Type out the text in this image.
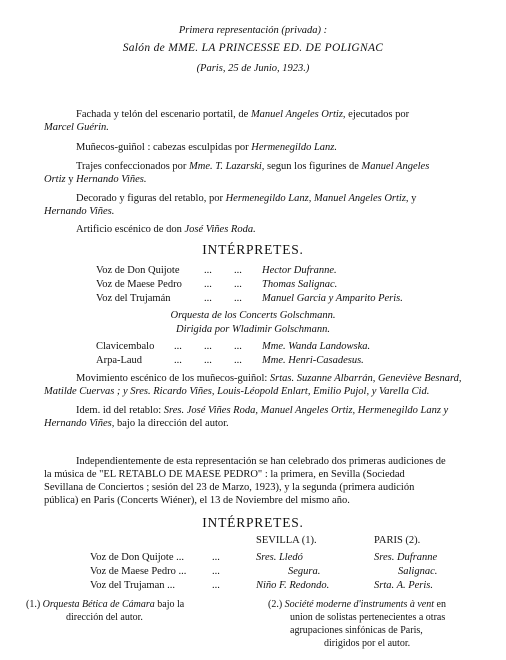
Primera representación (privada) :
Salón de MME. LA PRINCESSE ED. DE POLIGNAC
(Paris, 25 de Junio, 1923.)
Fachada y telón del escenario portatil, de Manuel Angeles Ortiz, ejecutados por
Marcel Guérin.
Muñecos-guiñol : cabezas esculpidas por Hermenegildo Lanz.
Trajes confeccionados por Mme. T. Lazarski, segun los figurines de Manuel Angeles
Ortiz y Hernando Viñes.
Decorado y figuras del retablo, por Hermenegildo Lanz, Manuel Angeles Ortiz, y
Hernando Viñes.
Artificio escénico de don José Viñes Roda.
INTÉRPRETES.
Voz de Don Quijote ... ... Hector Dufranne.
Voz de Maese Pedro ... ... Thomas Salignac.
Voz del Trujamán	... ... Manuel Garcia y Amparito Peris.
Orquesta de los Concerts Golschmann.
Dirigida por Wladimir Golschmann.
Clavicembalo ... ... ... Mme. Wanda Landowska.
Arpa-Laud	... ... ... Mme. Henri-Casadesus.
Movimiento escénico de los muñecos-guiñol: Srtas. Suzanne Albarrán, Geneviève Besnard,
Matilde Cuervas ; y Sres. Ricardo Viñes, Louis-Léopold Enlart, Emilio Pujol, y Varella Cid.
Idem. id del retablo: Sres. José Viñes Roda, Manuel Angeles Ortiz, Hermenegildo Lanz y
Hernando Viñes, bajo la dirección del autor.
Independientemente de esta representación se han celebrado dos primeras audiciones de
la música de "EL RETABLO DE MAESE PEDRO" : la primera, en Sevilla (Sociedad
Sevillana de Conciertos ; sesión del 23 de Marzo, 1923), y la segunda (primera audición
pública) en Paris (Concerts Wiéner), el 13 de Noviembre del mismo año.
INTÉRPRETES.
SEVILLA (1).	PARIS (2).
Voz de Don Quijote ...	...	Sres. Lledó	Sres. Dufranne
Voz de Maese Pedro ... ...	Segura.	Salignac.
Voz del Trujaman ...	...	Niño F. Redondo.	Srta. A. Peris.
(1.) Orquesta Bética de Cámara bajo la
dirección del autor.
(2.) Société moderne d'instruments à vent en
union de solistas pertenecientes a otras
agrupaciones sinfónicas de Paris,
dirigidos por el autor.
